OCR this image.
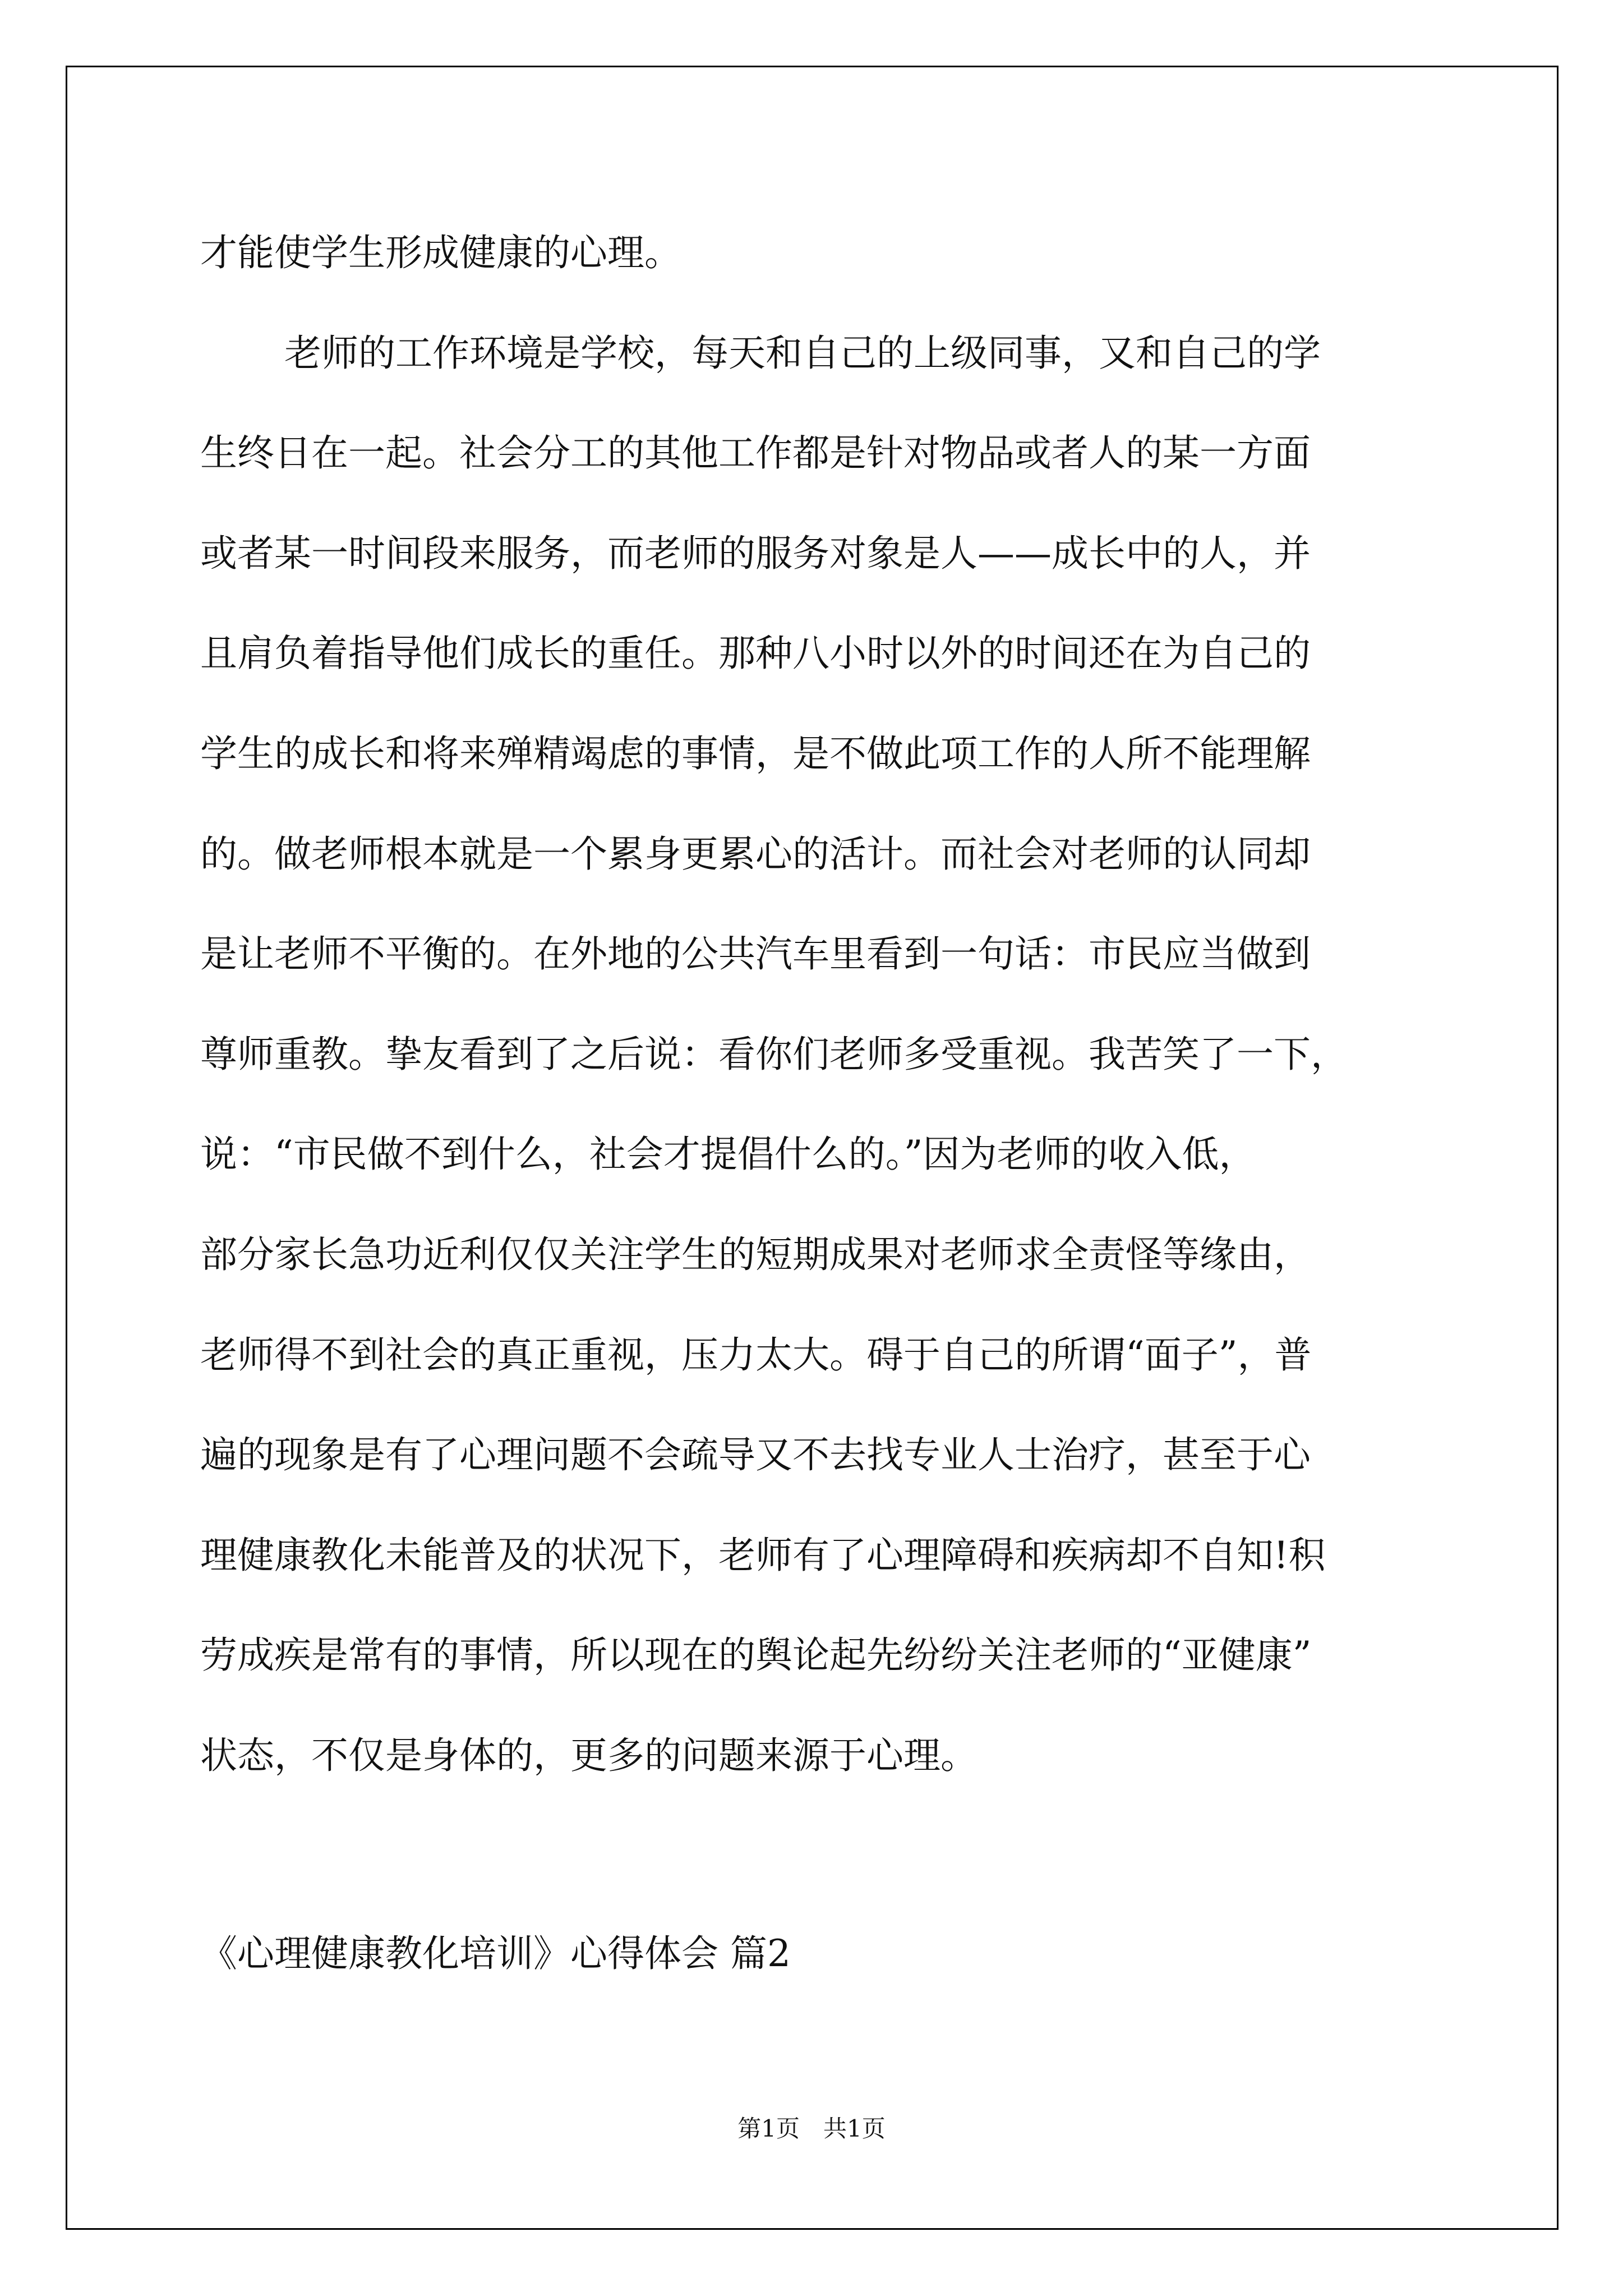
才能使学生形成健康的心理。
老师的工作环境是学校，每天和自己的上级同事，又和自己的学
生终日在一起。社会分工的其他工作都是针对物品或者人的某一方面
或者某一时间段来服务，而老师的服务对象是人——成长中的人，并
且肩负着指导他们成长的重任。那种八小时以外的时间还在为自己的
学生的成长和将来殚精竭虑的事情，是不做此项工作的人所不能理解
的。做老师根本就是一个累身更累心的活计。而社会对老师的认同却
是让老师不平衡的。在外地的公共汽车里看到一句话：市民应当做到
尊师重教。挚友看到了之后说：看你们老师多受重视。我苦笑了一下，
说：“市民做不到什么，社会才提倡什么的。”因为老师的收入低，
部分家长急功近利仅仅关注学生的短期成果对老师求全责怪等缘由，
老师得不到社会的真正重视，压力太大。碍于自己的所谓“面子”，普
遍的现象是有了心理问题不会疏导又不去找专业人士治疗，甚至于心
理健康教化未能普及的状况下，老师有了心理障碍和疾病却不自知!积
劳成疾是常有的事情，所以现在的舆论起先纷纷关注老师的“亚健康”
状态，不仅是身体的，更多的问题来源于心理。

《心理健康教化培训》心得体会 篇2

第1页　共1页
